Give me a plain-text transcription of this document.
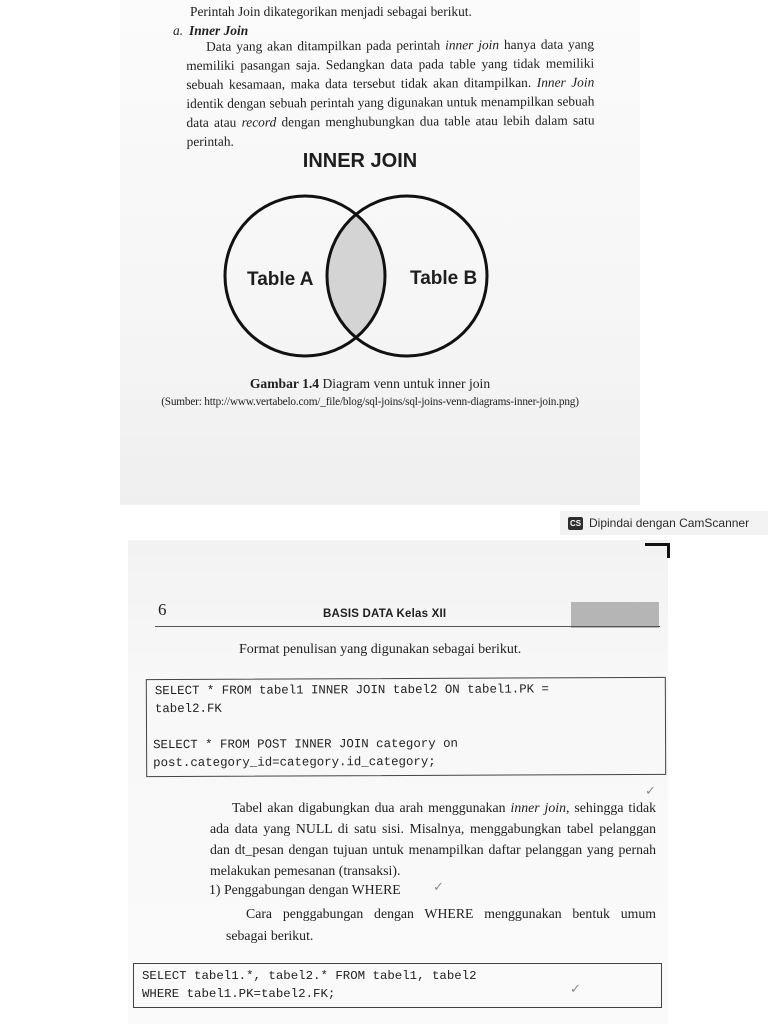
Perintah Join dikategorikan menjadi sebagai berikut.
a. Inner Join
Data yang akan ditampilkan pada perintah inner join hanya data yang memiliki pasangan saja. Sedangkan data pada table yang tidak memiliki sebuah kesamaan, maka data tersebut tidak akan ditampilkan. Inner Join identik dengan sebuah perintah yang digunakan untuk menampilkan sebuah data atau record dengan menghubungkan dua table atau lebih dalam satu perintah.
INNER JOIN
Table A	Table B
Gambar 1.4 Diagram venn untuk inner join
(Sumber: http://www.vertabelo.com/_file/blog/sql-joins/sql-joins-venn-diagrams-inner-join.png)
CS Dipindai dengan CamScanner
6	BASIS DATA Kelas XII
Format penulisan yang digunakan sebagai berikut.
SELECT * FROM tabel1 INNER JOIN tabel2 ON tabel1.PK =
tabel2.FK
SELECT * FROM POST INNER JOIN category on
post.category_id=category.id_category;
✓
Tabel akan digabungkan dua arah menggunakan inner join, sehingga tidak ada data yang NULL di satu sisi. Misalnya, menggabungkan tabel pelanggan dan dt_pesan dengan tujuan untuk menampilkan daftar pelanggan yang pernah melakukan pemesanan (transaksi).
1) Penggabungan dengan WHERE ✓
Cara penggabungan dengan WHERE menggunakan bentuk umum sebagai berikut.
SELECT tabel1.*, tabel2.* FROM tabel1, tabel2
WHERE tabel1.PK=tabel2.FK;	✓
